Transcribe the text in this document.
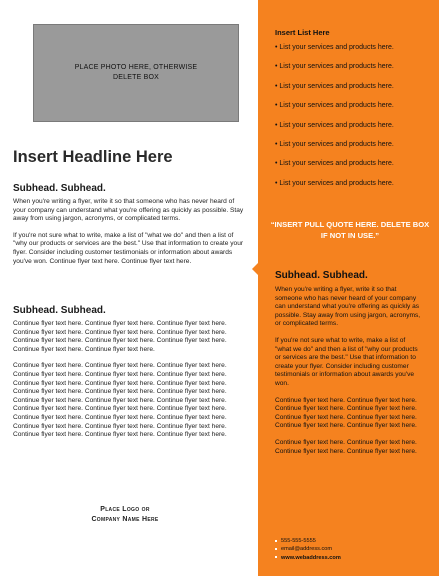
PLACE PHOTO HERE, OTHERWISE DELETE BOX
Insert Headline Here
Subhead. Subhead.

When you're writing a flyer, write it so that someone who has never heard of your company can understand what you're offering as quickly as possible. Stay away from using jargon, acronyms, or complicated terms.

If you're not sure what to write, make a list of "what we do" and then a list of "why our products or services are the best." Use that information to create your flyer. Consider including customer testimonials or information about awards you've won. Continue flyer text here. Continue flyer text here.

Subhead. Subhead.

Continue flyer text here. Continue flyer text here. Continue flyer text here. Continue flyer text here. Continue flyer text here. Continue flyer text here. Continue flyer text here. Continue flyer text here. Continue flyer text here. Continue flyer text here. Continue flyer text here.

Continue flyer text here. Continue flyer text here. Continue flyer text here. Continue flyer text here. Continue flyer text here. Continue flyer text here. Continue flyer text here. Continue flyer text here. Continue flyer text here. Continue flyer text here. Continue flyer text here. Continue flyer text here. Continue flyer text here. Continue flyer text here. Continue flyer text here. Continue flyer text here. Continue flyer text here. Continue flyer text here. Continue flyer text here. Continue flyer text here. Continue flyer text here. Continue flyer text here. Continue flyer text here. Continue flyer text here. Continue flyer text here. Continue flyer text here. Continue flyer text here.

Place Logo or
Company Name Here
Insert List Here
• List your services and products here.
• List your services and products here.
• List your services and products here.
• List your services and products here.
• List your services and products here.
• List your services and products here.
• List your services and products here.
• List your services and products here.
“INSERT PULL QUOTE HERE. DELETE BOX IF NOT IN USE.”
Subhead. Subhead.

When you're writing a flyer, write it so that someone who has never heard of your company can understand what you're offering as quickly as possible. Stay away from using jargon, acronyms, or complicated terms.

If you're not sure what to write, make a list of "what we do" and then a list of "why our products or services are the best." Use that information to create your flyer. Consider including customer testimonials or information about awards you've won.

Continue flyer text here. Continue flyer text here. Continue flyer text here. Continue flyer text here. Continue flyer text here. Continue flyer text here. Continue flyer text here. Continue flyer text here.

Continue flyer text here. Continue flyer text here. Continue flyer text here. Continue flyer text here.

555-555-5555
email@address.com
www.webaddress.com
